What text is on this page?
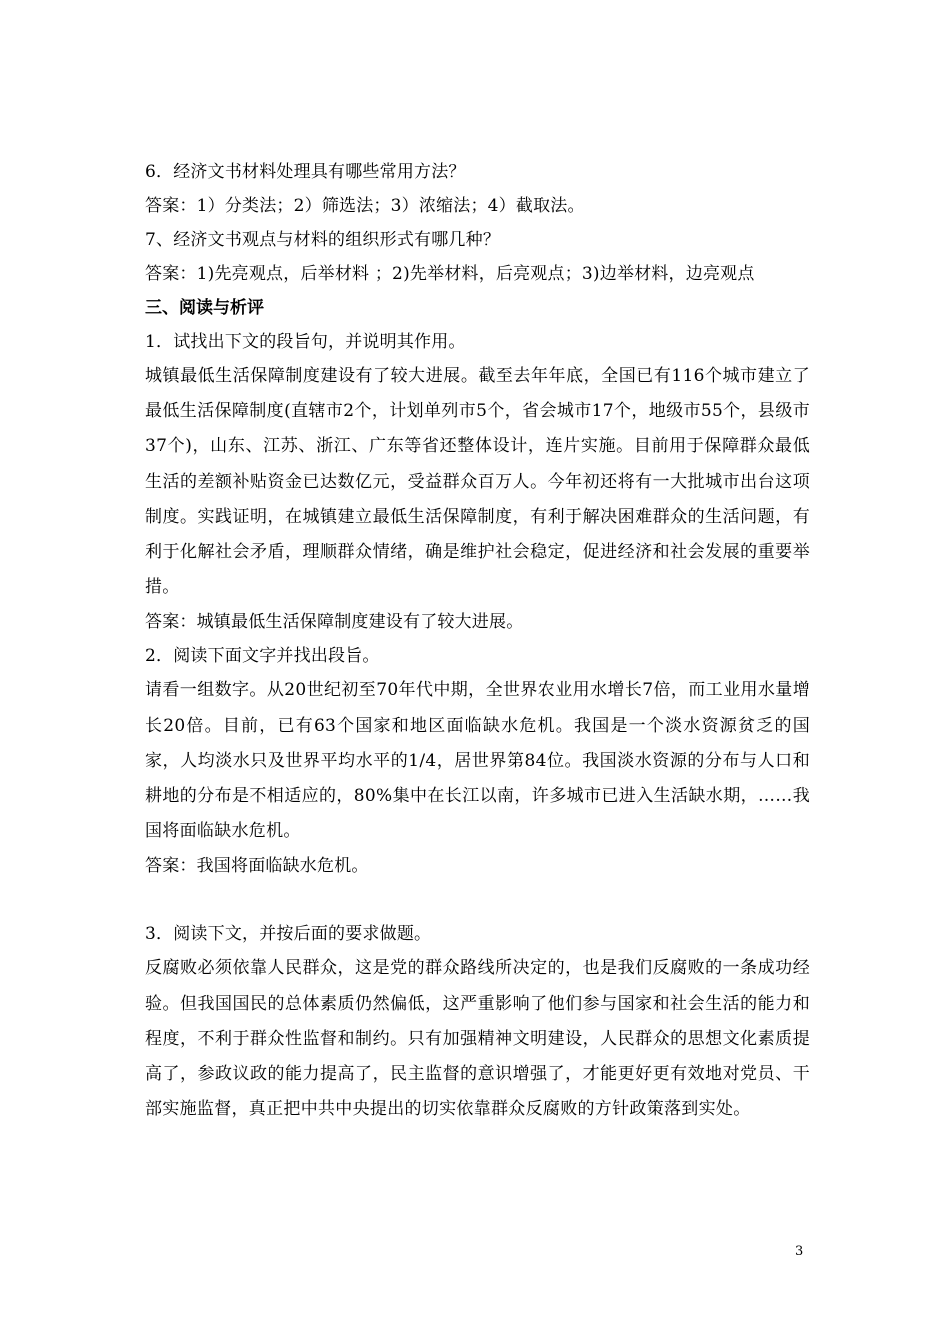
6．经济文书材料处理具有哪些常用方法？
答案：1）分类法；2）筛选法；3）浓缩法；4）截取法。
7、经济文书观点与材料的组织形式有哪几种？
答案：1)先亮观点，后举材料 ；2)先举材料，后亮观点；3)边举材料，边亮观点
三、阅读与析评
1．试找出下文的段旨句，并说明其作用。
城镇最低生活保障制度建设有了较大进展。截至去年年底，全国已有116个城市建立了最低生活保障制度(直辖市2个，计划单列市5个，省会城市17个，地级市55个，县级市37个)，山东、江苏、浙江、广东等省还整体设计，连片实施。目前用于保障群众最低生活的差额补贴资金已达数亿元，受益群众百万人。今年初还将有一大批城市出台这项制度。实践证明，在城镇建立最低生活保障制度，有利于解决困难群众的生活问题，有利于化解社会矛盾，理顺群众情绪，确是维护社会稳定，促进经济和社会发展的重要举措。
答案：城镇最低生活保障制度建设有了较大进展。
2．阅读下面文字并找出段旨。
请看一组数字。从20世纪初至70年代中期，全世界农业用水增长7倍，而工业用水量增长20倍。目前，已有63个国家和地区面临缺水危机。我国是一个淡水资源贫乏的国家，人均淡水只及世界平均水平的1/4，居世界第84位。我国淡水资源的分布与人口和耕地的分布是不相适应的，80%集中在长江以南，许多城市已进入生活缺水期，……我国将面临缺水危机。
答案：我国将面临缺水危机。
3．阅读下文，并按后面的要求做题。
反腐败必须依靠人民群众，这是党的群众路线所决定的，也是我们反腐败的一条成功经验。但我国国民的总体素质仍然偏低，这严重影响了他们参与国家和社会生活的能力和程度，不利于群众性监督和制约。只有加强精神文明建设，人民群众的思想文化素质提高了，参政议政的能力提高了，民主监督的意识增强了，才能更好更有效地对党员、干部实施监督，真正把中共中央提出的切实依靠群众反腐败的方针政策落到实处。
3
